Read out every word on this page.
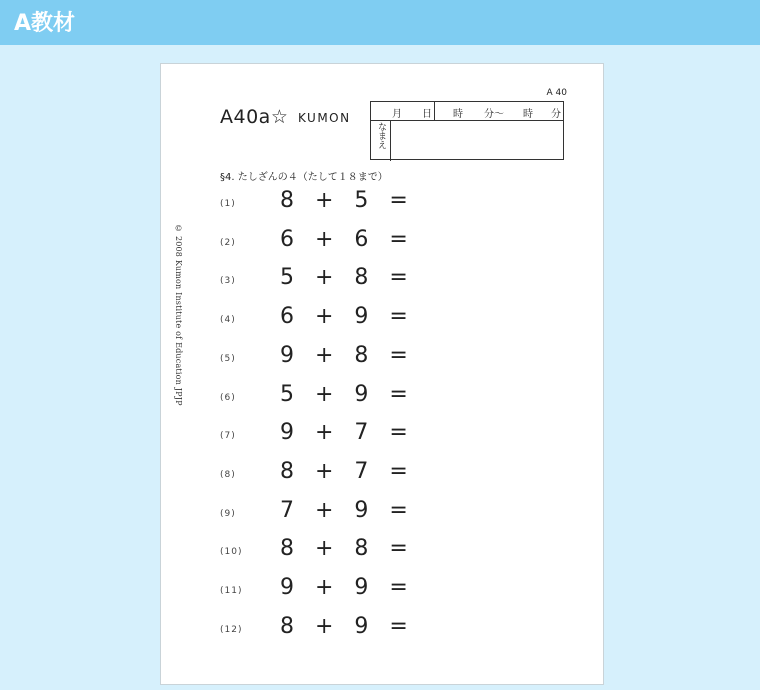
A教材
A 40
A40a☆ KUMON	月 日 時 分〜 時 分
なまえ
§4. たしざんの４（たして１８まで）
© 2008 Kumon Institute of Education JPJP
(1) 8   +   5   =
(2) 6   +   6   =
(3) 5   +   8   =
(4) 6   +   9   =
(5) 9   +   8   =
(6) 5   +   9   =
(7) 9   +   7   =
(8) 8   +   7   =
(9) 7   +   9   =
(10) 8   +   8   =
(11) 9   +   9   =
(12) 8   +   9   =
